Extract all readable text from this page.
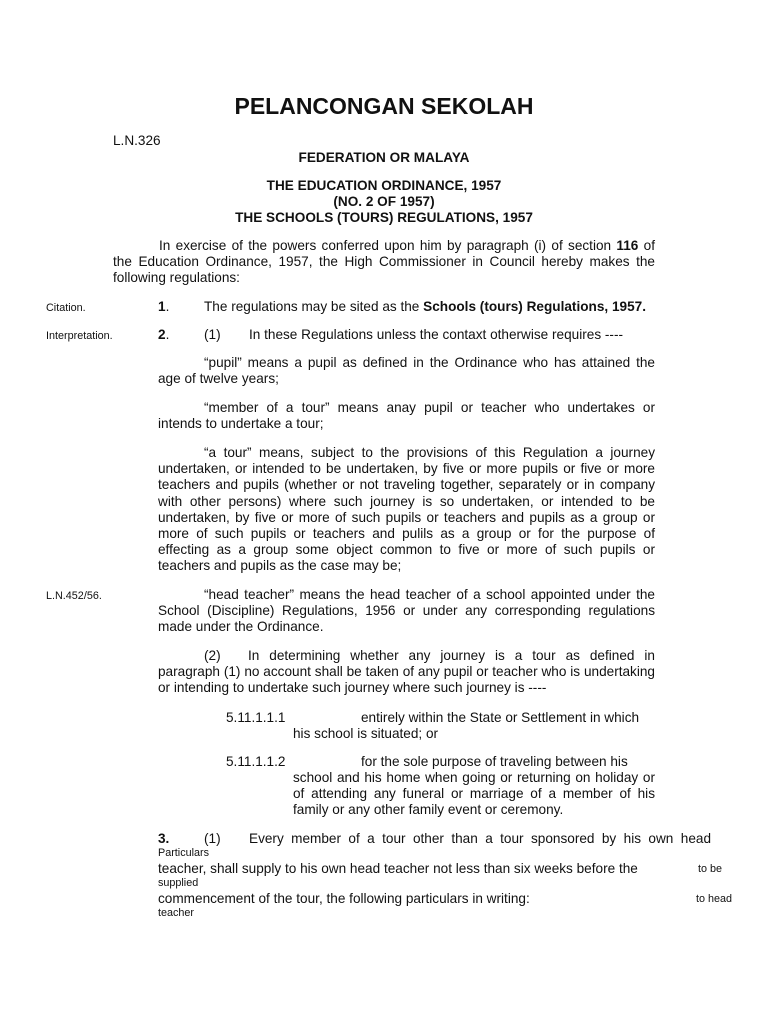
PELANCONGAN SEKOLAH
L.N.326
FEDERATION OR MALAYA
THE EDUCATION ORDINANCE, 1957
(NO. 2 OF 1957)
THE SCHOOLS (TOURS) REGULATIONS, 1957

In exercise of the powers conferred upon him by paragraph (i) of section 116 of the Education Ordinance, 1957, the High Commissioner in Council hereby makes the following regulations:

Citation.	1.	The regulations may be sited as the Schools (tours) Regulations, 1957.
Interpretation.	2.	(1) In these Regulations unless the contaxt otherwise requires ----

“pupil” means a pupil as defined in the Ordinance who has attained the age of twelve years;

“member of a tour” means anay pupil or teacher who undertakes or intends to undertake a tour;

“a tour” means, subject to the provisions of this Regulation a journey undertaken, or intended to be undertaken, by five or more pupils or five or more teachers and pupils (whether or not traveling together, separately or in company with other persons) where such journey is so undertaken, or intended to be undertaken, by five or more of such pupils or teachers and pupils as a group or more of such pupils or teachers and pulils as a group or for the purpose of effecting as a group some object common to five or more of such pupils or teachers and pupils as the case may be;

L.N.452/56.	“head teacher” means the head teacher of a school appointed under the School (Discipline) Regulations, 1956 or under any corresponding regulations made under the Ordinance.

(2) In determining whether any journey is a tour as defined in paragraph (1) no account shall be taken of any pupil or teacher who is undertaking or intending to undertake such journey where such journey is ----

5.11.1.1.1	entirely within the State or Settlement in which
his school is situated; or
5.11.1.1.2	for the sole purpose of traveling between his

school and his home when going or returning on holiday or of attending any funeral or marriage of a member of his family or any other family event or ceremony.

3.	(1) Every member of a tour other than a tour sponsored by his own head
Particulars
teacher, shall supply to his own head teacher not less than six weeks before the	to be
supplied
commencement of the tour, the following particulars in writing:	to head
teacher
